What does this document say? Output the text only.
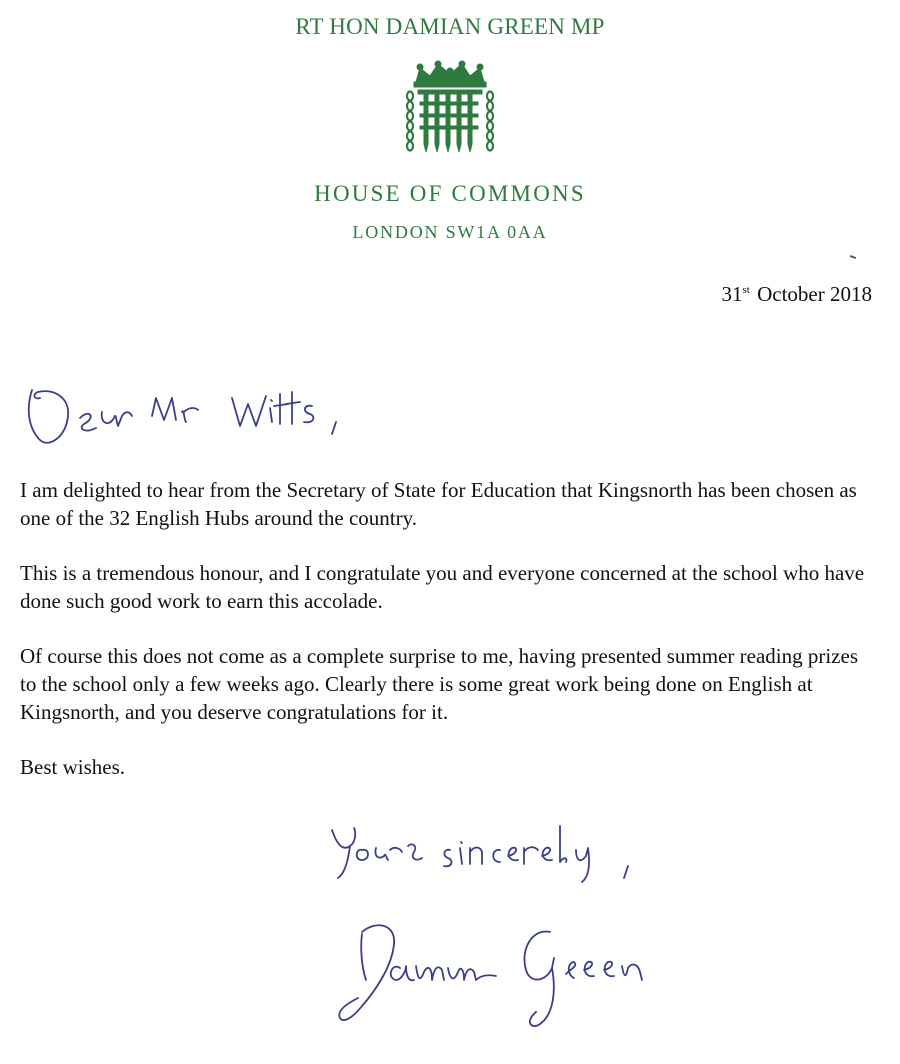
RT HON DAMIAN GREEN MP
HOUSE OF COMMONS
LONDON SW1A 0AA
31st October 2018

I am delighted to hear from the Secretary of State for Education that Kingsnorth has been chosen as one of the 32 English Hubs around the country.

This is a tremendous honour, and I congratulate you and everyone concerned at the school who have done such good work to earn this accolade.

Of course this does not come as a complete surprise to me, having presented summer reading prizes to the school only a few weeks ago. Clearly there is some great work being done on English at Kingsnorth, and you deserve congratulations for it.

Best wishes.
